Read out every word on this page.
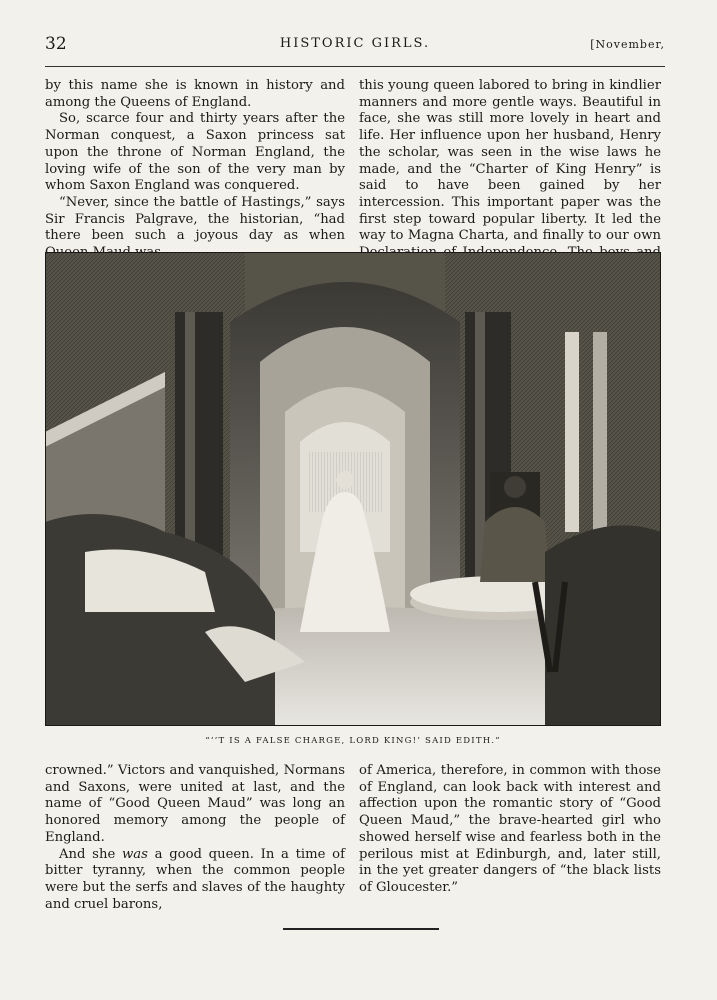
32	HISTORIC GIRLS.	[November,

by this name she is known in history and among the Queens of England.

So, scarce four and thirty years after the Norman conquest, a Saxon princess sat upon the throne of Norman England, the loving wife of the son of the very man by whom Saxon England was conquered.

“Never, since the battle of Hastings,” says Sir Francis Palgrave, the historian, “had there been such a joyous day as when

this young queen labored to bring in kindlier manners and more gentle ways. Beautiful in face, she was still more lovely in heart and life. Her influence upon her husband, Henry the scholar, was seen in the wise laws he made, and the “Charter of King Henry” is said to have been gained by her intercession. This important paper was the first step toward popular liberty. It led the way to Magna Charta, and finally to our own

“‘’T IS A FALSE CHARGE, LORD KING!’ SAID EDITH.”

crowned.” Victors and vanquished, Normans and Saxons, were united at last, and the name of “Good Queen Maud” was long an honored memory among the people of England.

And she was a good queen. In a time of bitter tyranny, when the common people were but the serfs and slaves of the haughty and cruel barons,

of America, therefore, in common with those of England, can look back with interest and affection upon the romantic story of “Good Queen Maud,” the brave-hearted girl who showed herself wise and fearless both in the perilous mist at Edinburgh, and, later still, in the yet greater dangers of “the black lists of Gloucester.”
